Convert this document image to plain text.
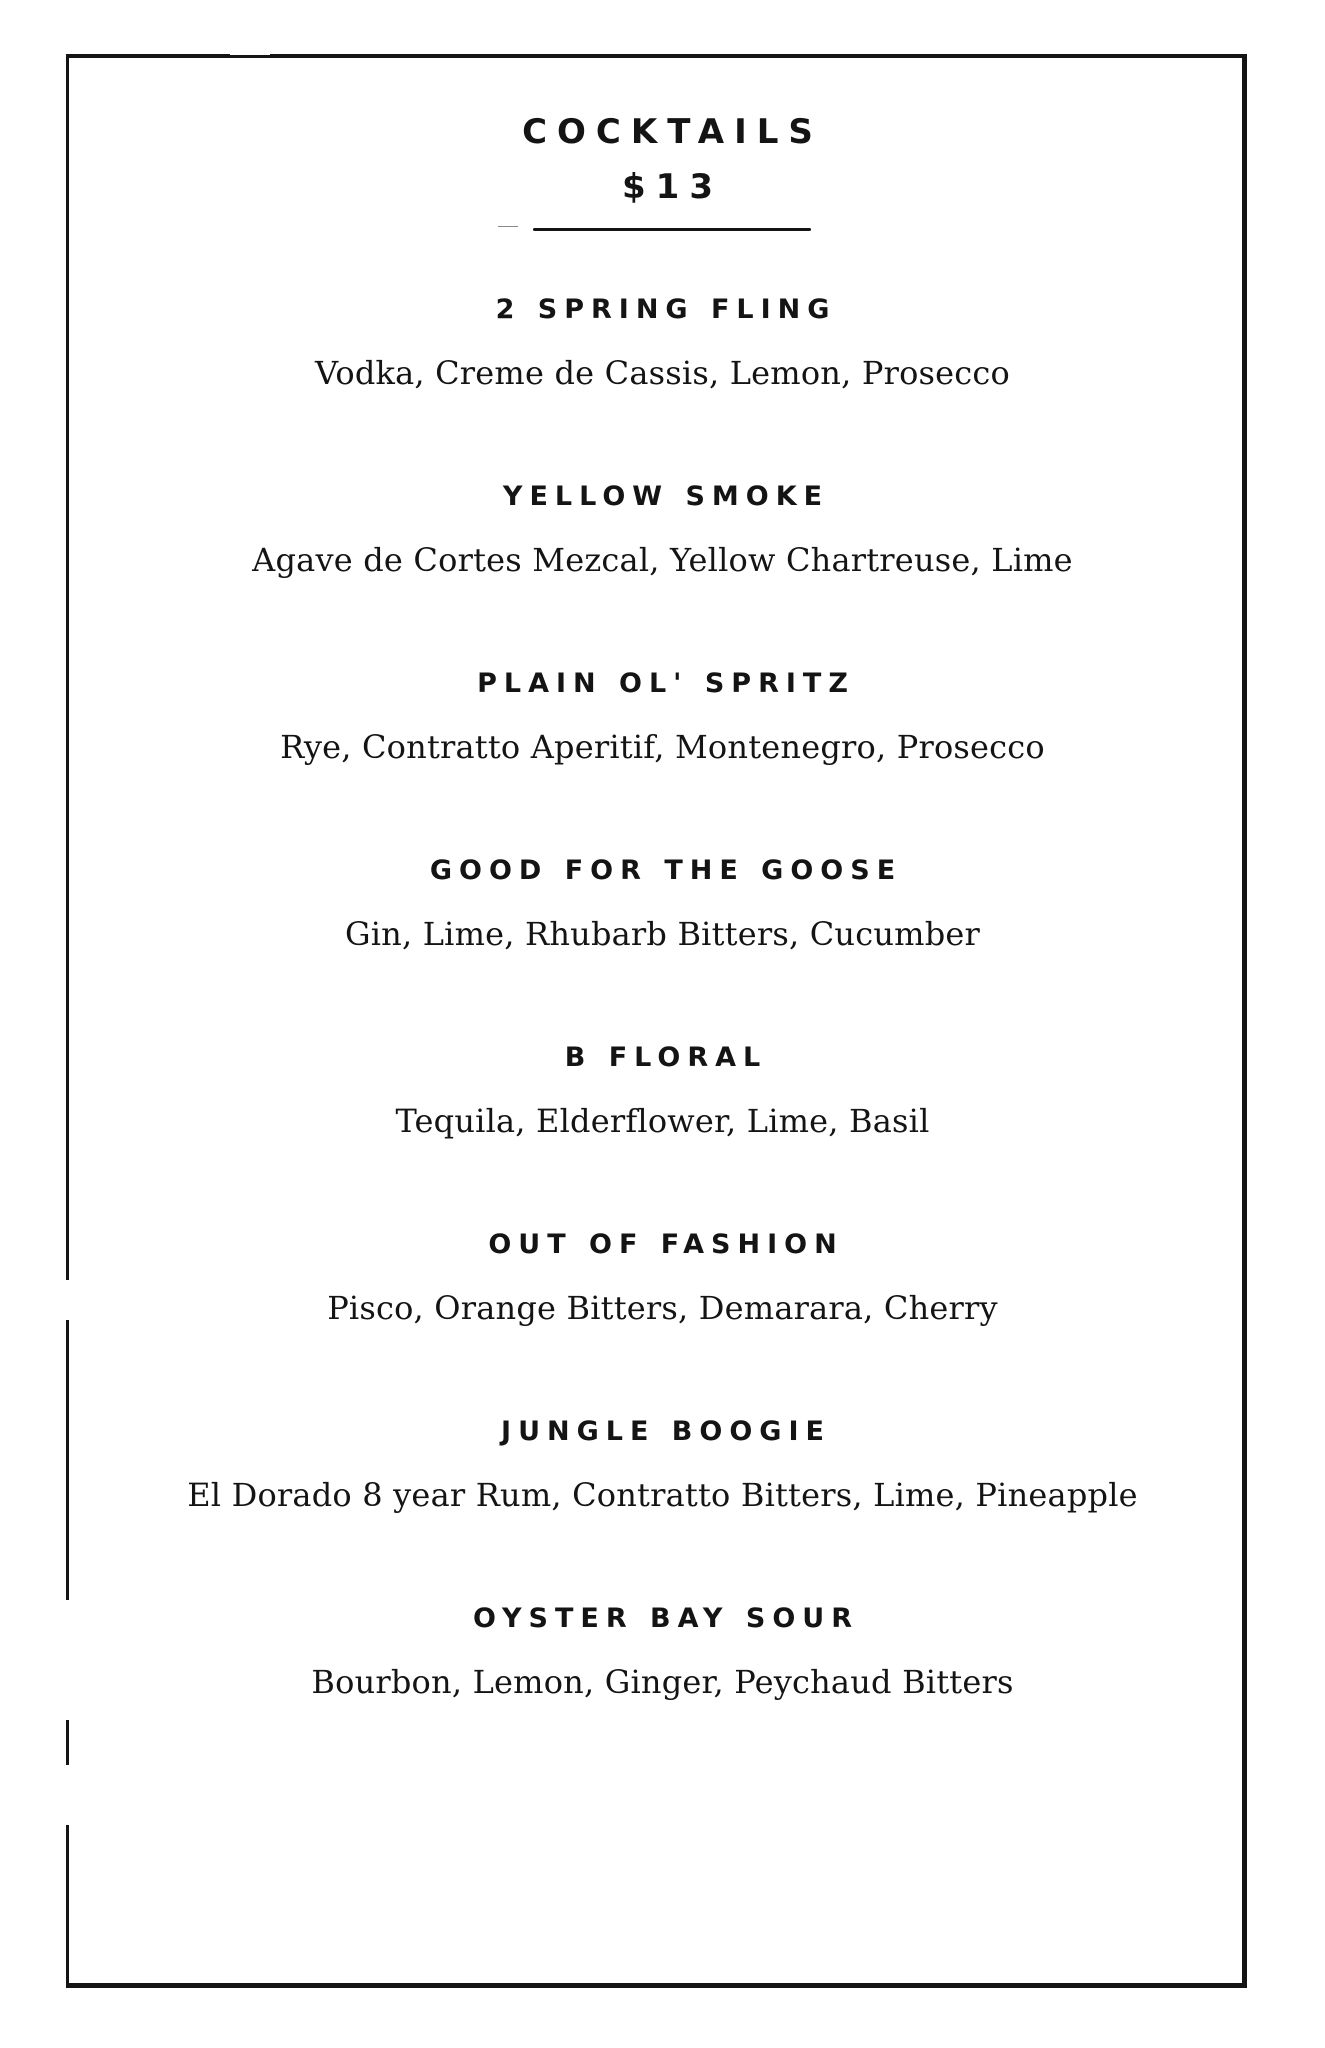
COCKTAILS
$13
2 SPRING FLING
Vodka, Creme de Cassis, Lemon, Prosecco
YELLOW SMOKE
Agave de Cortes Mezcal, Yellow Chartreuse, Lime
PLAIN OL' SPRITZ
Rye, Contratto Aperitif, Montenegro, Prosecco
GOOD FOR THE GOOSE
Gin, Lime, Rhubarb Bitters, Cucumber
B FLORAL
Tequila, Elderflower, Lime, Basil
OUT OF FASHION
Pisco, Orange Bitters, Demarara, Cherry
JUNGLE BOOGIE
El Dorado 8 year Rum, Contratto Bitters, Lime, Pineapple
OYSTER BAY SOUR
Bourbon, Lemon, Ginger, Peychaud Bitters
